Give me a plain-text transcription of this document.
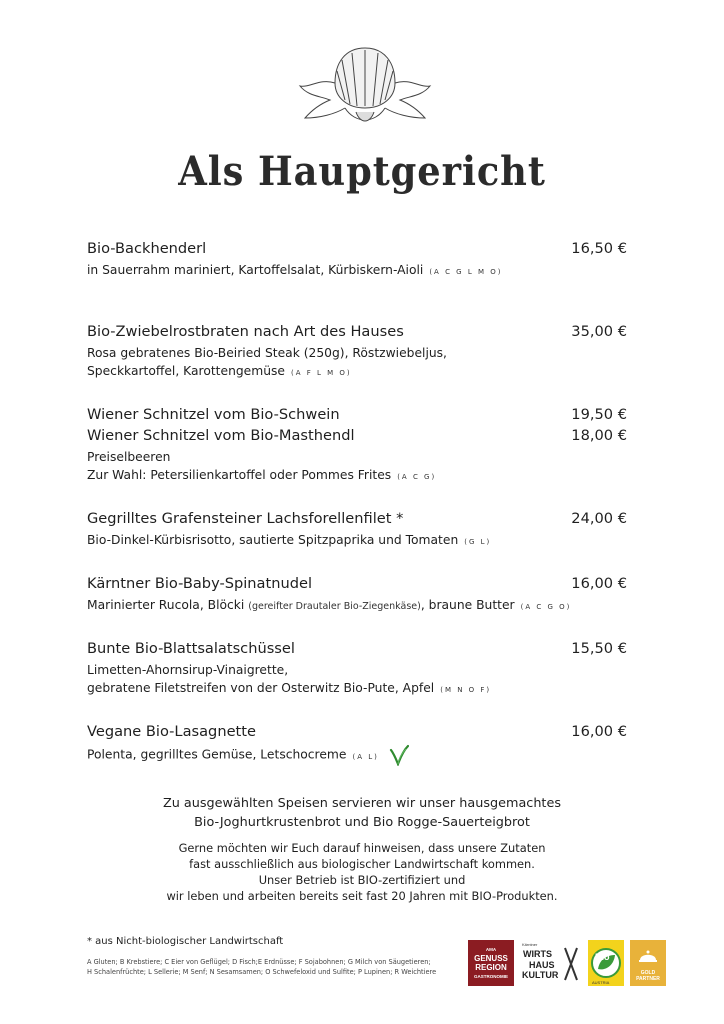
Als Hauptgericht
Bio-Backhenderl	16,50 €
in Sauerrahm mariniert, Kartoffelsalat, Kürbiskern-Aioli (A C G L M O)
Bio-Zwiebelrostbraten nach Art des Hauses	35,00 €
Rosa gebratenes Bio-Beiried Steak (250g), Röstzwiebeljus,
Speckkartoffel, Karottengemüse (A F L M O)
Wiener Schnitzel vom Bio-Schwein	19,50 €
Wiener Schnitzel vom Bio-Masthendl	18,00 €
Preiselbeeren
Zur Wahl: Petersilienkartoffel oder Pommes Frites (A C G)
Gegrilltes Grafensteiner Lachsforellenfilet *	24,00 €
Bio-Dinkel-Kürbisrisotto, sautierte Spitzpaprika und Tomaten (G L)
Kärntner Bio-Baby-Spinatnudel	16,00 €
Marinierter Rucola, Blöcki (gereifter Drautaler Bio-Ziegenkäse), braune Butter (A C G O)
Bunte Bio-Blattsalatschüssel	15,50 €
Limetten-Ahornsirup-Vinaigrette,
gebratene Filetstreifen von der Osterwitz Bio-Pute, Apfel (M N O F)
Vegane Bio-Lasagnette	16,00 €
Polenta, gegrilltes Gemüse, Letschocreme (A L)
Zu ausgewählten Speisen servieren wir unser hausgemachtes
Bio-Joghurtkrustenbrot und Bio Rogge-Sauerteigbrot
Gerne möchten wir Euch darauf hinweisen, dass unsere Zutaten
fast ausschließlich aus biologischer Landwirtschaft kommen.
Unser Betrieb ist BIO-zertifiziert und
wir leben und arbeiten bereits seit fast 20 Jahren mit BIO-Produkten.
* aus Nicht-biologischer Landwirtschaft
A Gluten; B Krebstiere; C Eier von Geflügel; D Fisch;E Erdnüsse; F Sojabohnen; G Milch von Säugetieren;
H Schalenfrüchte; L Sellerie; M Senf; N Sesamsamen; O Schwefeloxid und Sulfite; P Lupinen; R Weichtiere
AMA
GENUSS
REGION
GASTRONOMIE
Kärntner
WIRTS
HAUS
KULTUR
Bio
AUSTRIA
GOLD
PARTNER
